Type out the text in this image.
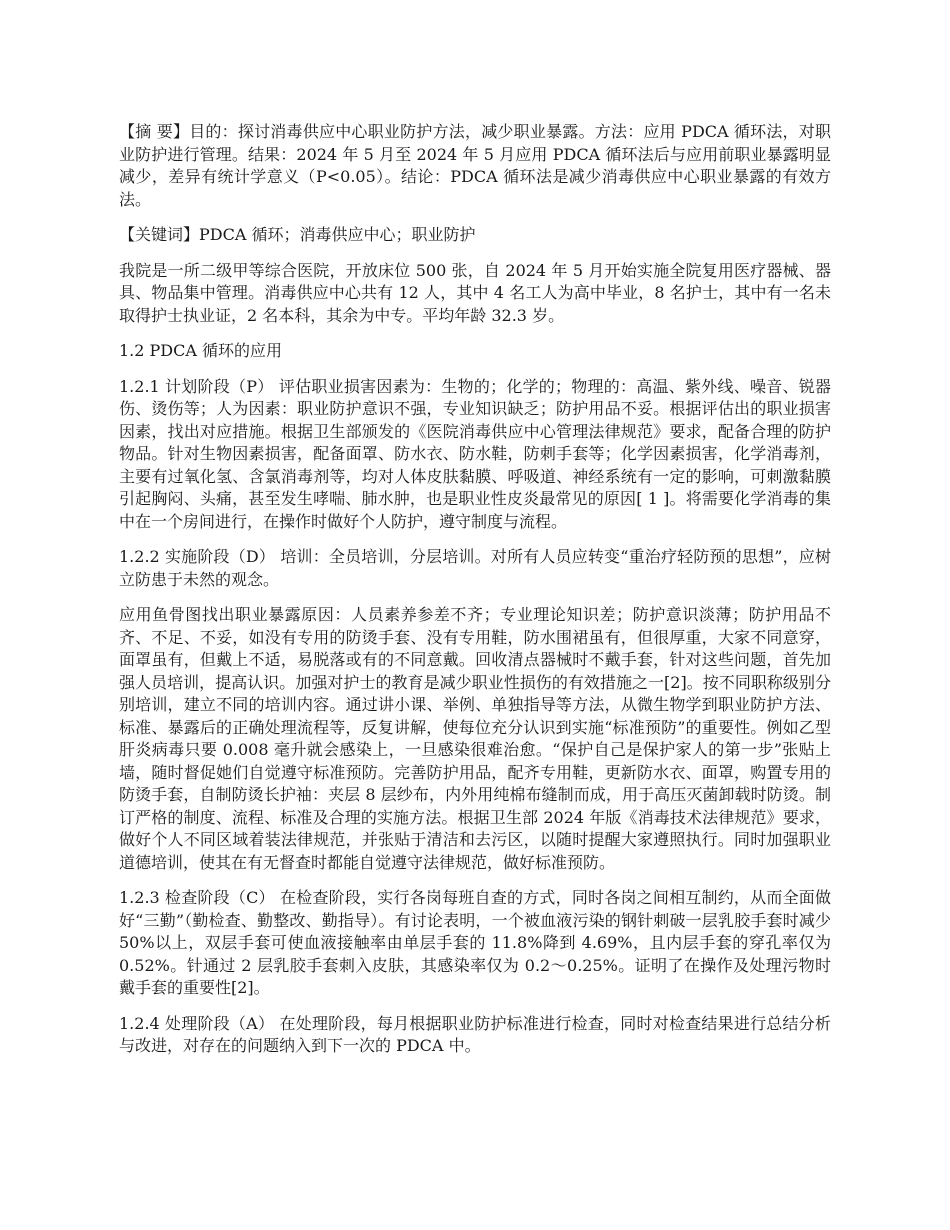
【摘 要】目的：探讨消毒供应中心职业防护方法，减少职业暴露。方法：应用 PDCA 循环法，对职业防护进行管理。结果：2024 年 5 月至 2024 年 5 月应用 PDCA 循环法后与应用前职业暴露明显减少，差异有统计学意义（P<0.05）。结论：PDCA 循环法是减少消毒供应中心职业暴露的有效方法。

【关键词】PDCA 循环；消毒供应中心；职业防护

我院是一所二级甲等综合医院，开放床位 500 张，自 2024 年 5 月开始实施全院复用医疗器械、器具、物品集中管理。消毒供应中心共有 12 人，其中 4 名工人为高中毕业，8 名护士，其中有一名未取得护士执业证，2 名本科，其余为中专。平均年龄 32.3 岁。

1.2 PDCA 循环的应用

1.2.1 计划阶段（P） 评估职业损害因素为：生物的；化学的；物理的：高温、紫外线、噪音、锐器伤、烫伤等；人为因素：职业防护意识不强，专业知识缺乏；防护用品不妥。根据评估出的职业损害因素，找出对应措施。根据卫生部颁发的《医院消毒供应中心管理法律规范》要求，配备合理的防护物品。针对生物因素损害，配备面罩、防水衣、防水鞋，防刺手套等；化学因素损害，化学消毒剂，主要有过氧化氢、含氯消毒剂等，均对人体皮肤黏膜、呼吸道、神经系统有一定的影响，可刺激黏膜引起胸闷、头痛，甚至发生哮喘、肺水肿，也是职业性皮炎最常见的原因[ 1 ]。将需要化学消毒的集中在一个房间进行，在操作时做好个人防护，遵守制度与流程。

1.2.2 实施阶段（D） 培训：全员培训，分层培训。对所有人员应转变“重治疗轻防预的思想”，应树立防患于未然的观念。

应用鱼骨图找出职业暴露原因：人员素养参差不齐；专业理论知识差；防护意识淡薄；防护用品不齐、不足、不妥，如没有专用的防烫手套、没有专用鞋，防水围裙虽有，但很厚重，大家不同意穿，面罩虽有，但戴上不适，易脱落或有的不同意戴。回收清点器械时不戴手套，针对这些问题，首先加强人员培训，提高认识。加强对护士的教育是减少职业性损伤的有效措施之一[2]。按不同职称级别分别培训，建立不同的培训内容。通过讲小课、举例、单独指导等方法，从微生物学到职业防护方法、标准、暴露后的正确处理流程等，反复讲解，使每位充分认识到实施“标准预防”的重要性。例如乙型肝炎病毒只要 0.008 毫升就会感染上，一旦感染很难治愈。“保护自己是保护家人的第一步”张贴上墙，随时督促她们自觉遵守标准预防。完善防护用品，配齐专用鞋，更新防水衣、面罩，购置专用的防烫手套，自制防烫长护袖：夹层 8 层纱布，内外用纯棉布缝制而成，用于高压灭菌卸载时防烫。制订严格的制度、流程、标准及合理的实施方法。根据卫生部 2024 年版《消毒技术法律规范》要求，做好个人不同区域着装法律规范，并张贴于清洁和去污区，以随时提醒大家遵照执行。同时加强职业道德培训，使其在有无督查时都能自觉遵守法律规范，做好标准预防。

1.2.3 检查阶段（C） 在检查阶段，实行各岗每班自查的方式，同时各岗之间相互制约，从而全面做好“三勤”（勤检查、勤整改、勤指导）。有讨论表明，一个被血液污染的钢针刺破一层乳胶手套时减少 50%以上，双层手套可使血液接触率由单层手套的 11.8%降到 4.69%，且内层手套的穿孔率仅为 0.52%。针通过 2 层乳胶手套刺入皮肤，其感染率仅为 0.2～0.25%。证明了在操作及处理污物时戴手套的重要性[2]。

1.2.4 处理阶段（A） 在处理阶段，每月根据职业防护标准进行检查，同时对检查结果进行总结分析与改进，对存在的问题纳入到下一次的 PDCA 中。
